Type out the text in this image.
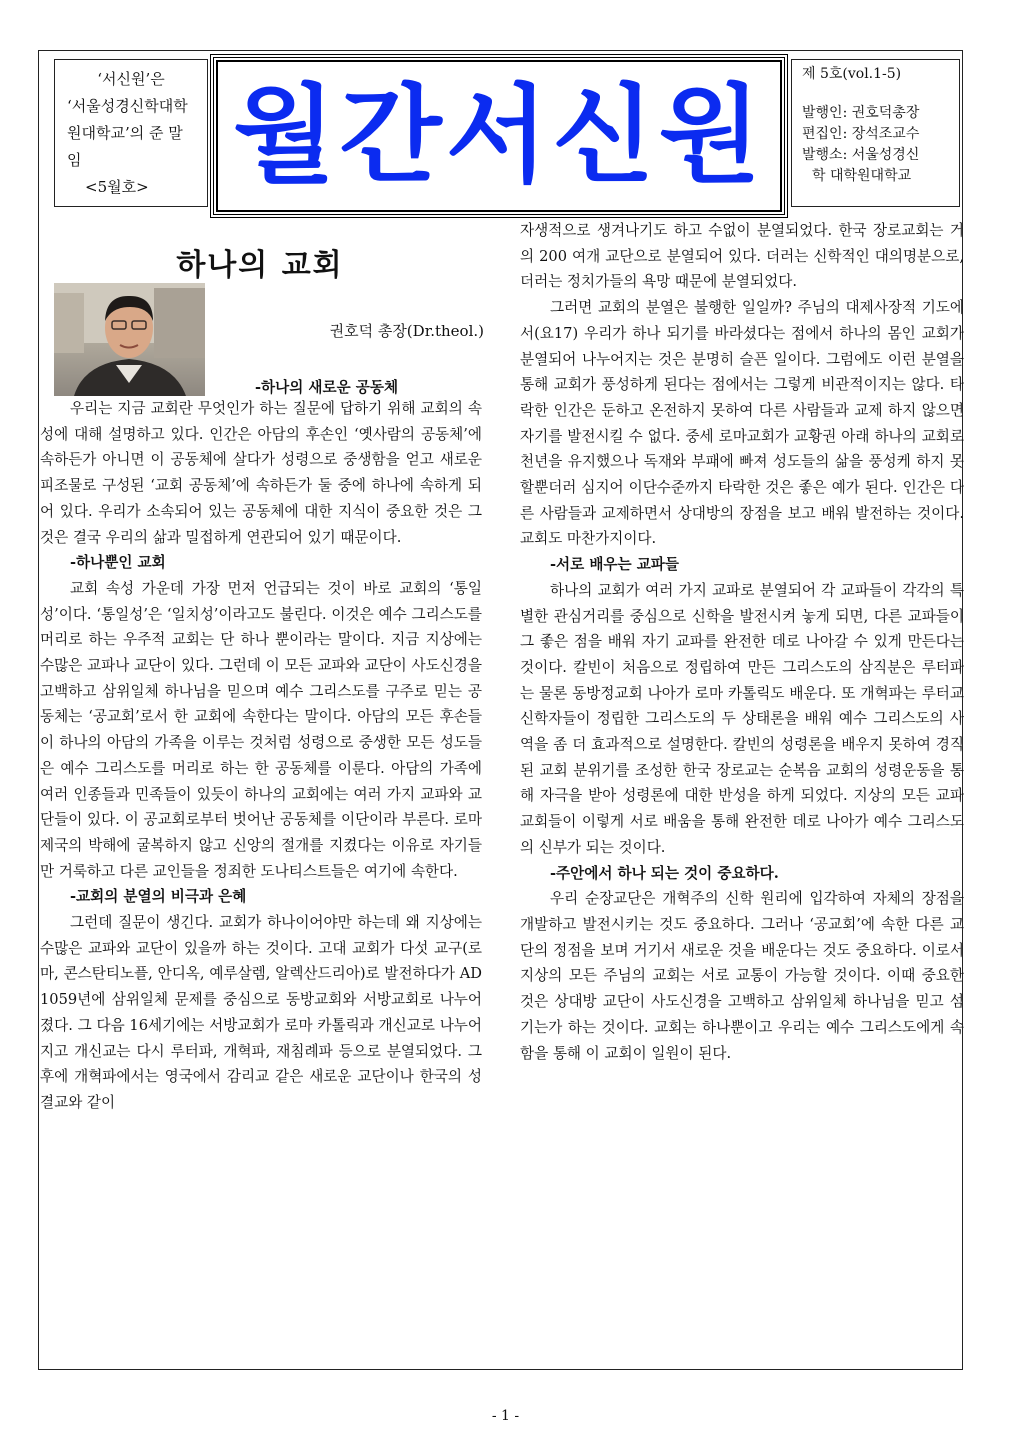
‘서신원’은
‘서울성경신학대학
원대학교’의 준 말
임
<5월호> 월간서신원	제 5호(vol.1-5)
발행인: 권호덕총장
편집인: 장석조교수
발행소: 서울성경신
학 대학원대학교
하나의 교회
권호덕 총장(Dr.theol.)
-하나의 새로운 공동체

우리는 지금 교회란 무엇인가 하는 질문에 답하기 위해 교회의 속성에 대해 설명하고 있다. 인간은 아담의 후손인 ‘옛사람의 공동체’에 속하든가 아니면 이 공동체에 살다가 성령으로 중생함을 얻고 새로운 피조물로 구성된 ‘교회 공동체’에 속하든가 둘 중에 하나에 속하게 되어 있다. 우리가 소속되어 있는 공동체에 대한 지식이 중요한 것은 그것은 결국 우리의 삶과 밀접하게 연관되어 있기 때문이다.

-하나뿐인 교회

교회 속성 가운데 가장 먼저 언급되는 것이 바로 교회의 ‘통일성’이다. ‘통일성’은 ‘일치성’이라고도 불린다. 이것은 예수 그리스도를 머리로 하는 우주적 교회는 단 하나 뿐이라는 말이다. 지금 지상에는 수많은 교파나 교단이 있다. 그런데 이 모든 교파와 교단이 사도신경을 고백하고 삼위일체 하나님을 믿으며 예수 그리스도를 구주로 믿는 공동체는 ‘공교회’로서 한 교회에 속한다는 말이다. 아담의 모든 후손들이 하나의 아담의 가족을 이루는 것처럼 성령으로 중생한 모든 성도들은 예수 그리스도를 머리로 하는 한 공동체를 이룬다. 아담의 가족에 여러 인종들과 민족들이 있듯이 하나의 교회에는 여러 가지 교파와 교단들이 있다. 이 공교회로부터 벗어난 공동체를 이단이라 부른다. 로마제국의 박해에 굴복하지 않고 신앙의 절개를 지켰다는 이유로 자기들만 거룩하고 다른 교인들을 정죄한 도나티스트들은 여기에 속한다.

-교회의 분열의 비극과 은혜

그런데 질문이 생긴다. 교회가 하나이어야만 하는데 왜 지상에는 수많은 교파와 교단이 있을까 하는 것이다. 고대 교회가 다섯 교구(로마, 콘스탄티노플, 안디옥, 예루살렘, 알렉산드리아)로 발전하다가 AD 1059년에 삼위일체 문제를 중심으로 동방교회와 서방교회로 나누어졌다. 그 다음 16세기에는 서방교회가 로마 카톨릭과 개신교로 나누어지고 개신교는 다시 루터파, 개혁파, 재침례파 등으로 분열되었다. 그 후에 개혁파에서는 영국에서 감리교 같은 새로운 교단이나 한국의 성결교와 같이

자생적으로 생겨나기도 하고 수없이 분열되었다. 한국 장로교회는 거의 200 여개 교단으로 분열되어 있다. 더러는 신학적인 대의명분으로, 더러는 정치가들의 욕망 때문에 분열되었다.

그러면 교회의 분열은 불행한 일일까? 주님의 대제사장적 기도에서(요17) 우리가 하나 되기를 바라셨다는 점에서 하나의 몸인 교회가 분열되어 나누어지는 것은 분명히 슬픈 일이다. 그럼에도 이런 분열을 통해 교회가 풍성하게 된다는 점에서는 그렇게 비관적이지는 않다. 타락한 인간은 둔하고 온전하지 못하여 다른 사람들과 교제 하지 않으면 자기를 발전시킬 수 없다. 중세 로마교회가 교황권 아래 하나의 교회로 천년을 유지했으나 독재와 부패에 빠져 성도들의 삶을 풍성케 하지 못할뿐더러 심지어 이단수준까지 타락한 것은 좋은 예가 된다. 인간은 다른 사람들과 교제하면서 상대방의 장점을 보고 배워 발전하는 것이다. 교회도 마찬가지이다.

-서로 배우는 교파들

하나의 교회가 여러 가지 교파로 분열되어 각 교파들이 각각의 특별한 관심거리를 중심으로 신학을 발전시켜 놓게 되면, 다른 교파들이 그 좋은 점을 배워 자기 교파를 완전한 데로 나아갈 수 있게 만든다는 것이다. 칼빈이 처음으로 정립하여 만든 그리스도의 삼직분은 루터파는 물론 동방정교회 나아가 로마 카톨릭도 배운다. 또 개혁파는 루터교 신학자들이 정립한 그리스도의 두 상태론을 배워 예수 그리스도의 사역을 좀 더 효과적으로 설명한다. 칼빈의 성령론을 배우지 못하여 경직된 교회 분위기를 조성한 한국 장로교는 순복음 교회의 성령운동을 통해 자극을 받아 성령론에 대한 반성을 하게 되었다. 지상의 모든 교파 교회들이 이렇게 서로 배움을 통해 완전한 데로 나아가 예수 그리스도의 신부가 되는 것이다.

-주안에서 하나 되는 것이 중요하다.

우리 순장교단은 개혁주의 신학 원리에 입각하여 자체의 장점을 개발하고 발전시키는 것도 중요하다. 그러나 ‘공교회’에 속한 다른 교단의 정점을 보며 거기서 새로운 것을 배운다는 것도 중요하다. 이로서 지상의 모든 주님의 교회는 서로 교통이 가능할 것이다. 이때 중요한 것은 상대방 교단이 사도신경을 고백하고 삼위일체 하나님을 믿고 섬기는가 하는 것이다. 교회는 하나뿐이고 우리는 예수 그리스도에게 속함을 통해 이 교회이 일원이 된다.

- 1 -
